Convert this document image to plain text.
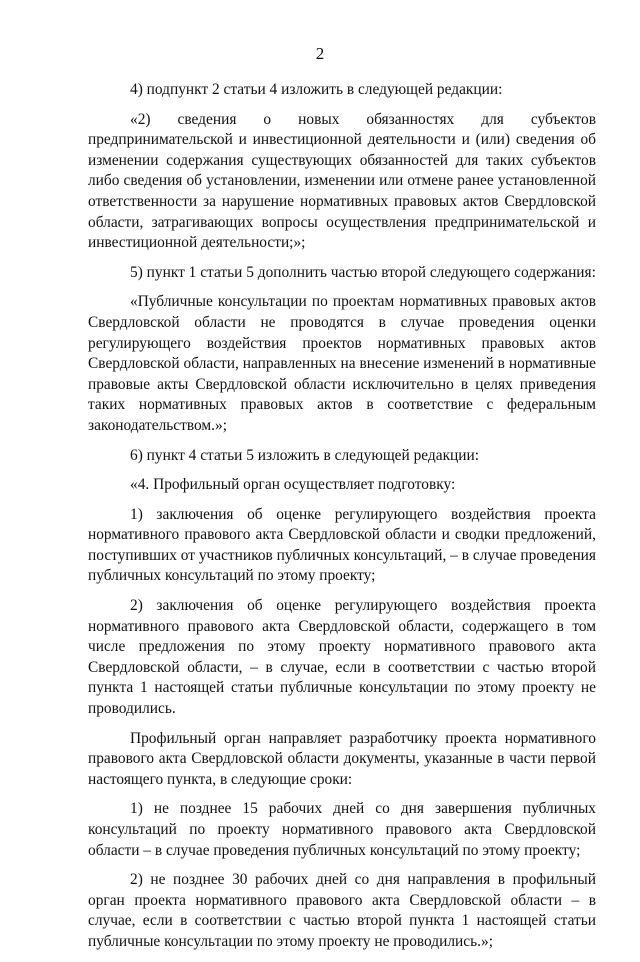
2

4) подпункт 2 статьи 4 изложить в следующей редакции:

«2) сведения о новых обязанностях для субъектов предпринимательской и инвестиционной деятельности и (или) сведения об изменении содержания существующих обязанностей для таких субъектов либо сведения об установлении, изменении или отмене ранее установленной ответственности за нарушение нормативных правовых актов Свердловской области, затрагивающих вопросы осуществления предпринимательской и инвестиционной деятельности;»;

5) пункт 1 статьи 5 дополнить частью второй следующего содержания:

«Публичные консультации по проектам нормативных правовых актов Свердловской области не проводятся в случае проведения оценки регулирующего воздействия проектов нормативных правовых актов Свердловской области, направленных на внесение изменений в нормативные правовые акты Свердловской области исключительно в целях приведения таких нормативных правовых актов в соответствие с федеральным законодательством.»;

6) пункт 4 статьи 5 изложить в следующей редакции:

«4. Профильный орган осуществляет подготовку:

1) заключения об оценке регулирующего воздействия проекта нормативного правового акта Свердловской области и сводки предложений, поступивших от участников публичных консультаций, – в случае проведения публичных консультаций по этому проекту;

2) заключения об оценке регулирующего воздействия проекта нормативного правового акта Свердловской области, содержащего в том числе предложения по этому проекту нормативного правового акта Свердловской области, – в случае, если в соответствии с частью второй пункта 1 настоящей статьи публичные консультации по этому проекту не проводились.

Профильный орган направляет разработчику проекта нормативного правового акта Свердловской области документы, указанные в части первой настоящего пункта, в следующие сроки:

1) не позднее 15 рабочих дней со дня завершения публичных консультаций по проекту нормативного правового акта Свердловской области – в случае проведения публичных консультаций по этому проекту;

2) не позднее 30 рабочих дней со дня направления в профильный орган проекта нормативного правового акта Свердловской области – в случае, если в соответствии с частью второй пункта 1 настоящей статьи публичные консультации по этому проекту не проводились.»;
